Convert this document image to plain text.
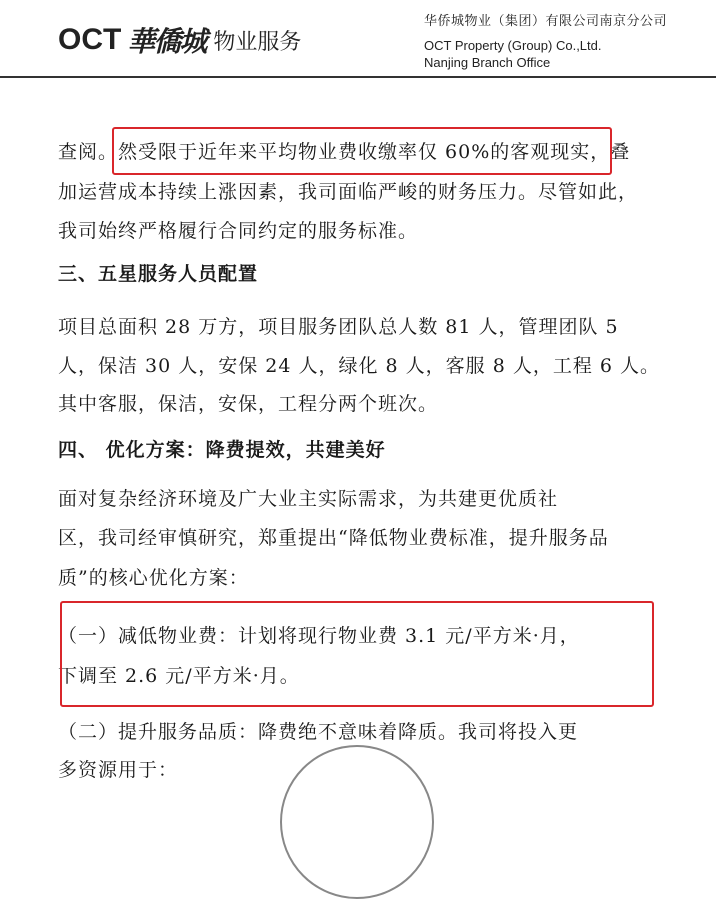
OCT 華僑城 物业服务
华侨城物业（集团）有限公司南京分公司
OCT Property (Group) Co.,Ltd.
Nanjing Branch Office
查阅。然受限于近年来平均物业费收缴率仅 60%的客观现实，叠
加运营成本持续上涨因素，我司面临严峻的财务压力。尽管如此，
我司始终严格履行合同约定的服务标准。
三、五星服务人员配置
项目总面积 28 万方，项目服务团队总人数 81 人，管理团队 5
人，保洁 30 人，安保 24 人，绿化 8 人，客服 8 人，工程 6 人。
其中客服，保洁，安保，工程分两个班次。
四、 优化方案：降费提效，共建美好
面对复杂经济环境及广大业主实际需求，为共建更优质社
区，我司经审慎研究，郑重提出“降低物业费标准，提升服务品
质”的核心优化方案：
（一）减低物业费：计划将现行物业费 3.1 元/平方米·月，
下调至 2.6 元/平方米·月。
（二）提升服务品质：降费绝不意味着降质。我司将投入更
多资源用于：
